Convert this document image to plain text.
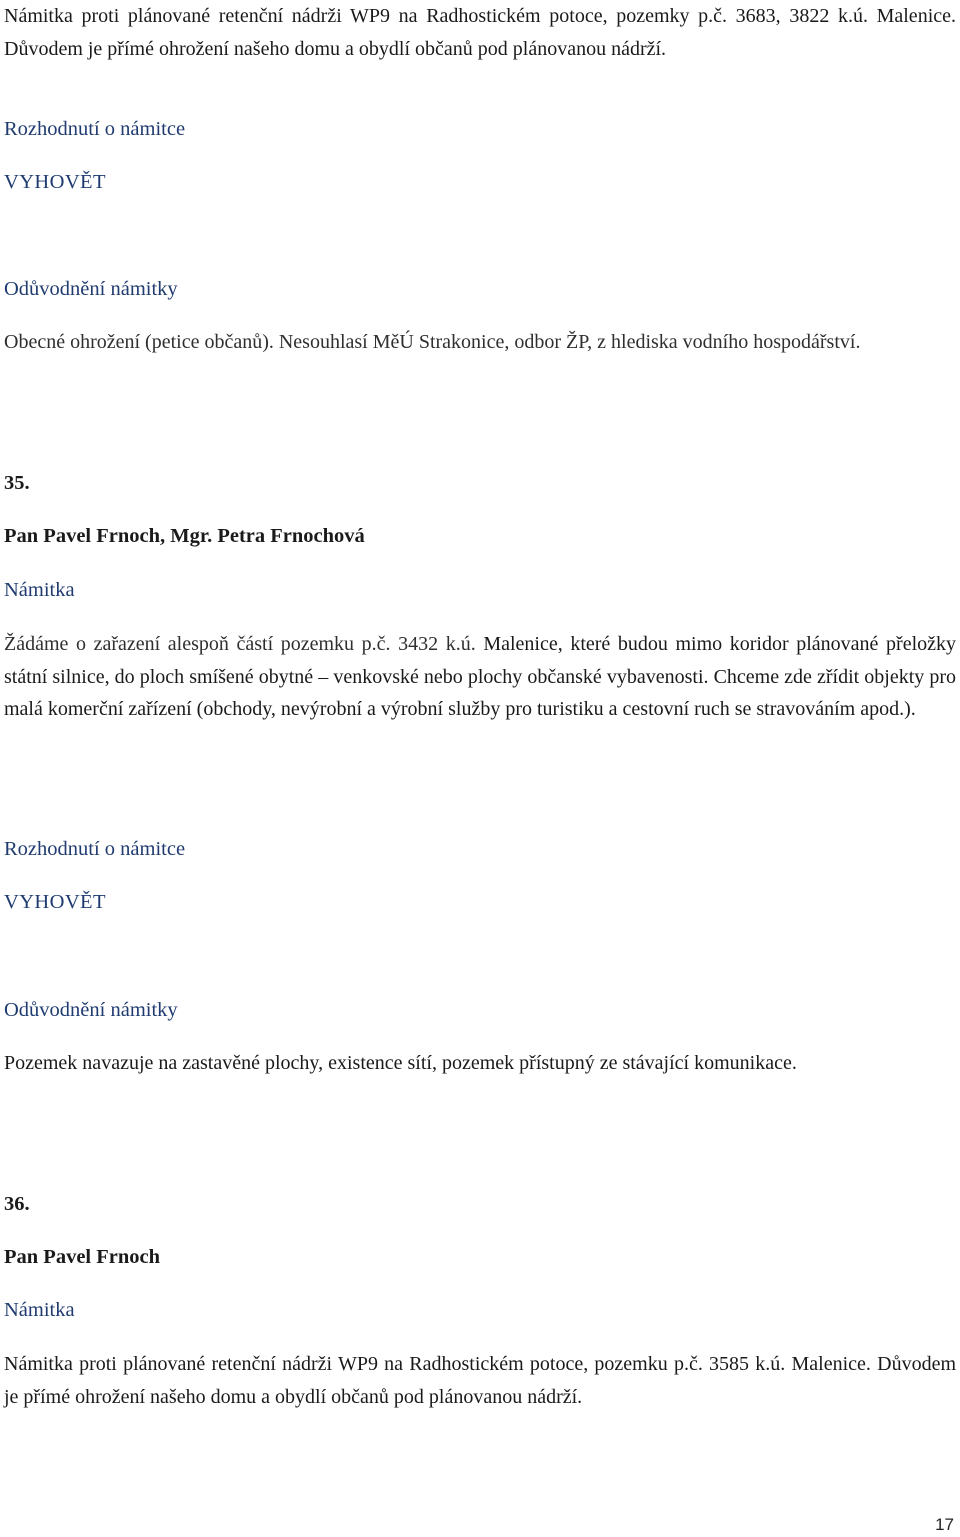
Námitka proti plánované retenční nádrži WP9 na Radhostickém potoce, pozemky p.č. 3683, 3822 k.ú. Malenice. Důvodem je přímé ohrožení našeho domu a obydlí občanů pod plánovanou nádrží.

Rozhodnutí o námitce

VYHOVĚT

Odůvodnění námitky

Obecné ohrožení (petice občanů). Nesouhlasí MěÚ Strakonice, odbor ŽP, z hlediska vodního hospodářství.

35.

Pan Pavel Frnoch, Mgr. Petra Frnochová

Námitka

Žádáme o zařazení alespoň částí pozemku p.č. 3432 k.ú. Malenice, které budou mimo koridor plánované přeložky státní silnice, do ploch smíšené obytné – venkovské nebo plochy občanské vybavenosti. Chceme zde zřídit objekty pro malá komerční zařízení (obchody, nevýrobní a výrobní služby pro turistiku a cestovní ruch se stravováním apod.).

Rozhodnutí o námitce

VYHOVĚT

Odůvodnění námitky

Pozemek navazuje na zastavěné plochy, existence sítí, pozemek přístupný ze stávající komunikace.

36.

Pan Pavel Frnoch

Námitka

Námitka proti plánované retenční nádrži WP9 na Radhostickém potoce, pozemku p.č. 3585 k.ú. Malenice. Důvodem je přímé ohrožení našeho domu a obydlí občanů pod plánovanou nádrží.

17
